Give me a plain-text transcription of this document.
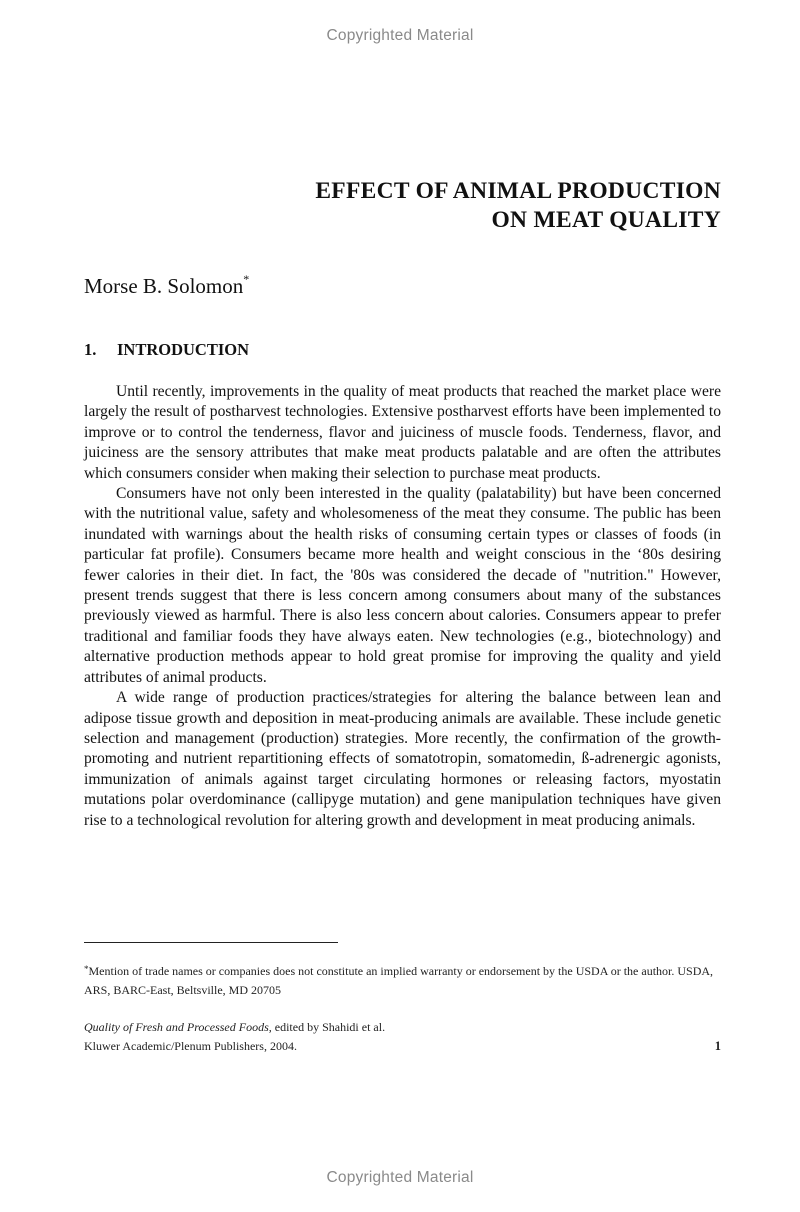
Copyrighted Material
EFFECT OF ANIMAL PRODUCTION
ON MEAT QUALITY
Morse B. Solomon*
1. INTRODUCTION

Until recently, improvements in the quality of meat products that reached the market place were largely the result of postharvest technologies. Extensive postharvest efforts have been implemented to improve or to control the tenderness, flavor and juiciness of muscle foods. Tenderness, flavor, and juiciness are the sensory attributes that make meat products palatable and are often the attributes which consumers consider when making their selection to purchase meat products.

Consumers have not only been interested in the quality (palatability) but have been concerned with the nutritional value, safety and wholesomeness of the meat they consume. The public has been inundated with warnings about the health risks of consuming certain types or classes of foods (in particular fat profile). Consumers became more health and weight conscious in the ‘80s desiring fewer calories in their diet. In fact, the '80s was considered the decade of "nutrition." However, present trends suggest that there is less concern among consumers about many of the substances previously viewed as harmful. There is also less concern about calories. Consumers appear to prefer traditional and familiar foods they have always eaten. New technologies (e.g., biotechnology) and alternative production methods appear to hold great promise for improving the quality and yield attributes of animal products.

A wide range of production practices/strategies for altering the balance between lean and adipose tissue growth and deposition in meat-producing animals are available. These include genetic selection and management (production) strategies. More recently, the confirmation of the growth-promoting and nutrient repartitioning effects of somatotropin, somatomedin, ß-adrenergic agonists, immunization of animals against target circulating hormones or releasing factors, myostatin mutations polar overdominance (callipyge mutation) and gene manipulation techniques have given rise to a technological revolution for altering growth and development in meat producing animals.

*Mention of trade names or companies does not constitute an implied warranty or endorsement by the USDA or the author. USDA, ARS, BARC-East, Beltsville, MD 20705
Quality of Fresh and Processed Foods, edited by Shahidi et al.
Kluwer Academic/Plenum Publishers, 2004.	1
Copyrighted Material
